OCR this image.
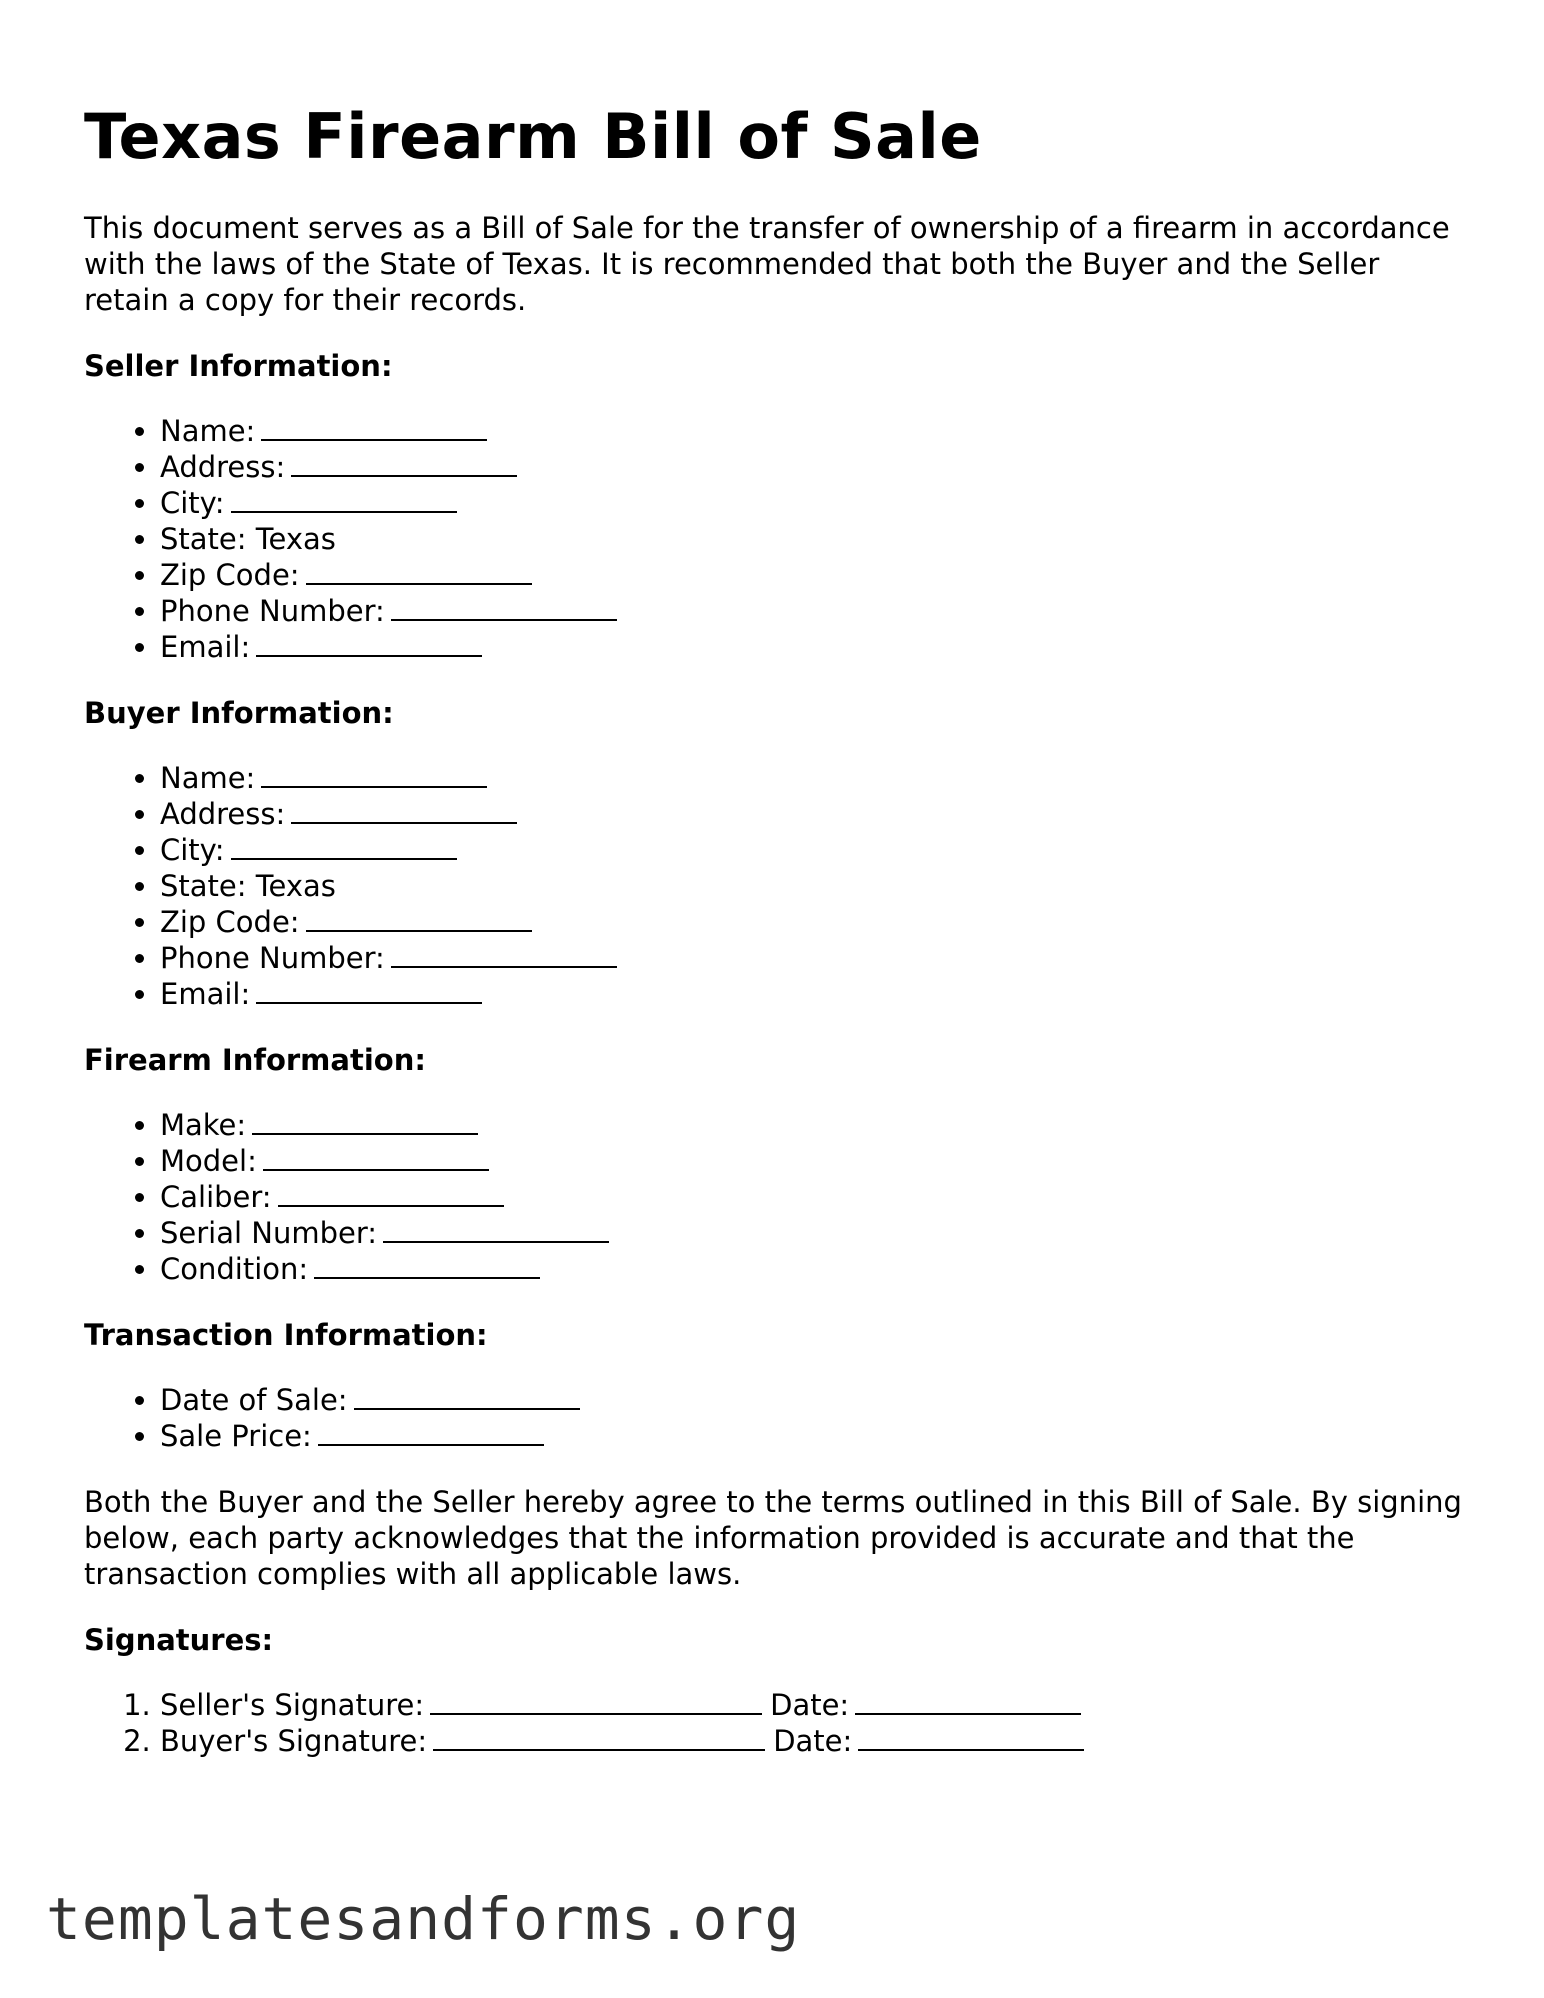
Texas Firearm Bill of Sale

This document serves as a Bill of Sale for the transfer of ownership of a firearm in accordance with the laws of the State of Texas. It is recommended that both the Buyer and the Seller retain a copy for their records.

Seller Information:
• Name:
• Address:
• City:
• State: Texas
• Zip Code:
• Phone Number:
• Email:
Buyer Information:
• Name:
• Address:
• City:
• State: Texas
• Zip Code:
• Phone Number:
• Email:
Firearm Information:
• Make:
• Model:
• Caliber:
• Serial Number:
• Condition:
Transaction Information:
• Date of Sale:
• Sale Price:

Both the Buyer and the Seller hereby agree to the terms outlined in this Bill of Sale. By signing below, each party acknowledges that the information provided is accurate and that the transaction complies with all applicable laws.

Signatures:
1. Seller's Signature:	Date:
2. Buyer's Signature:	Date:
templatesandforms.org
